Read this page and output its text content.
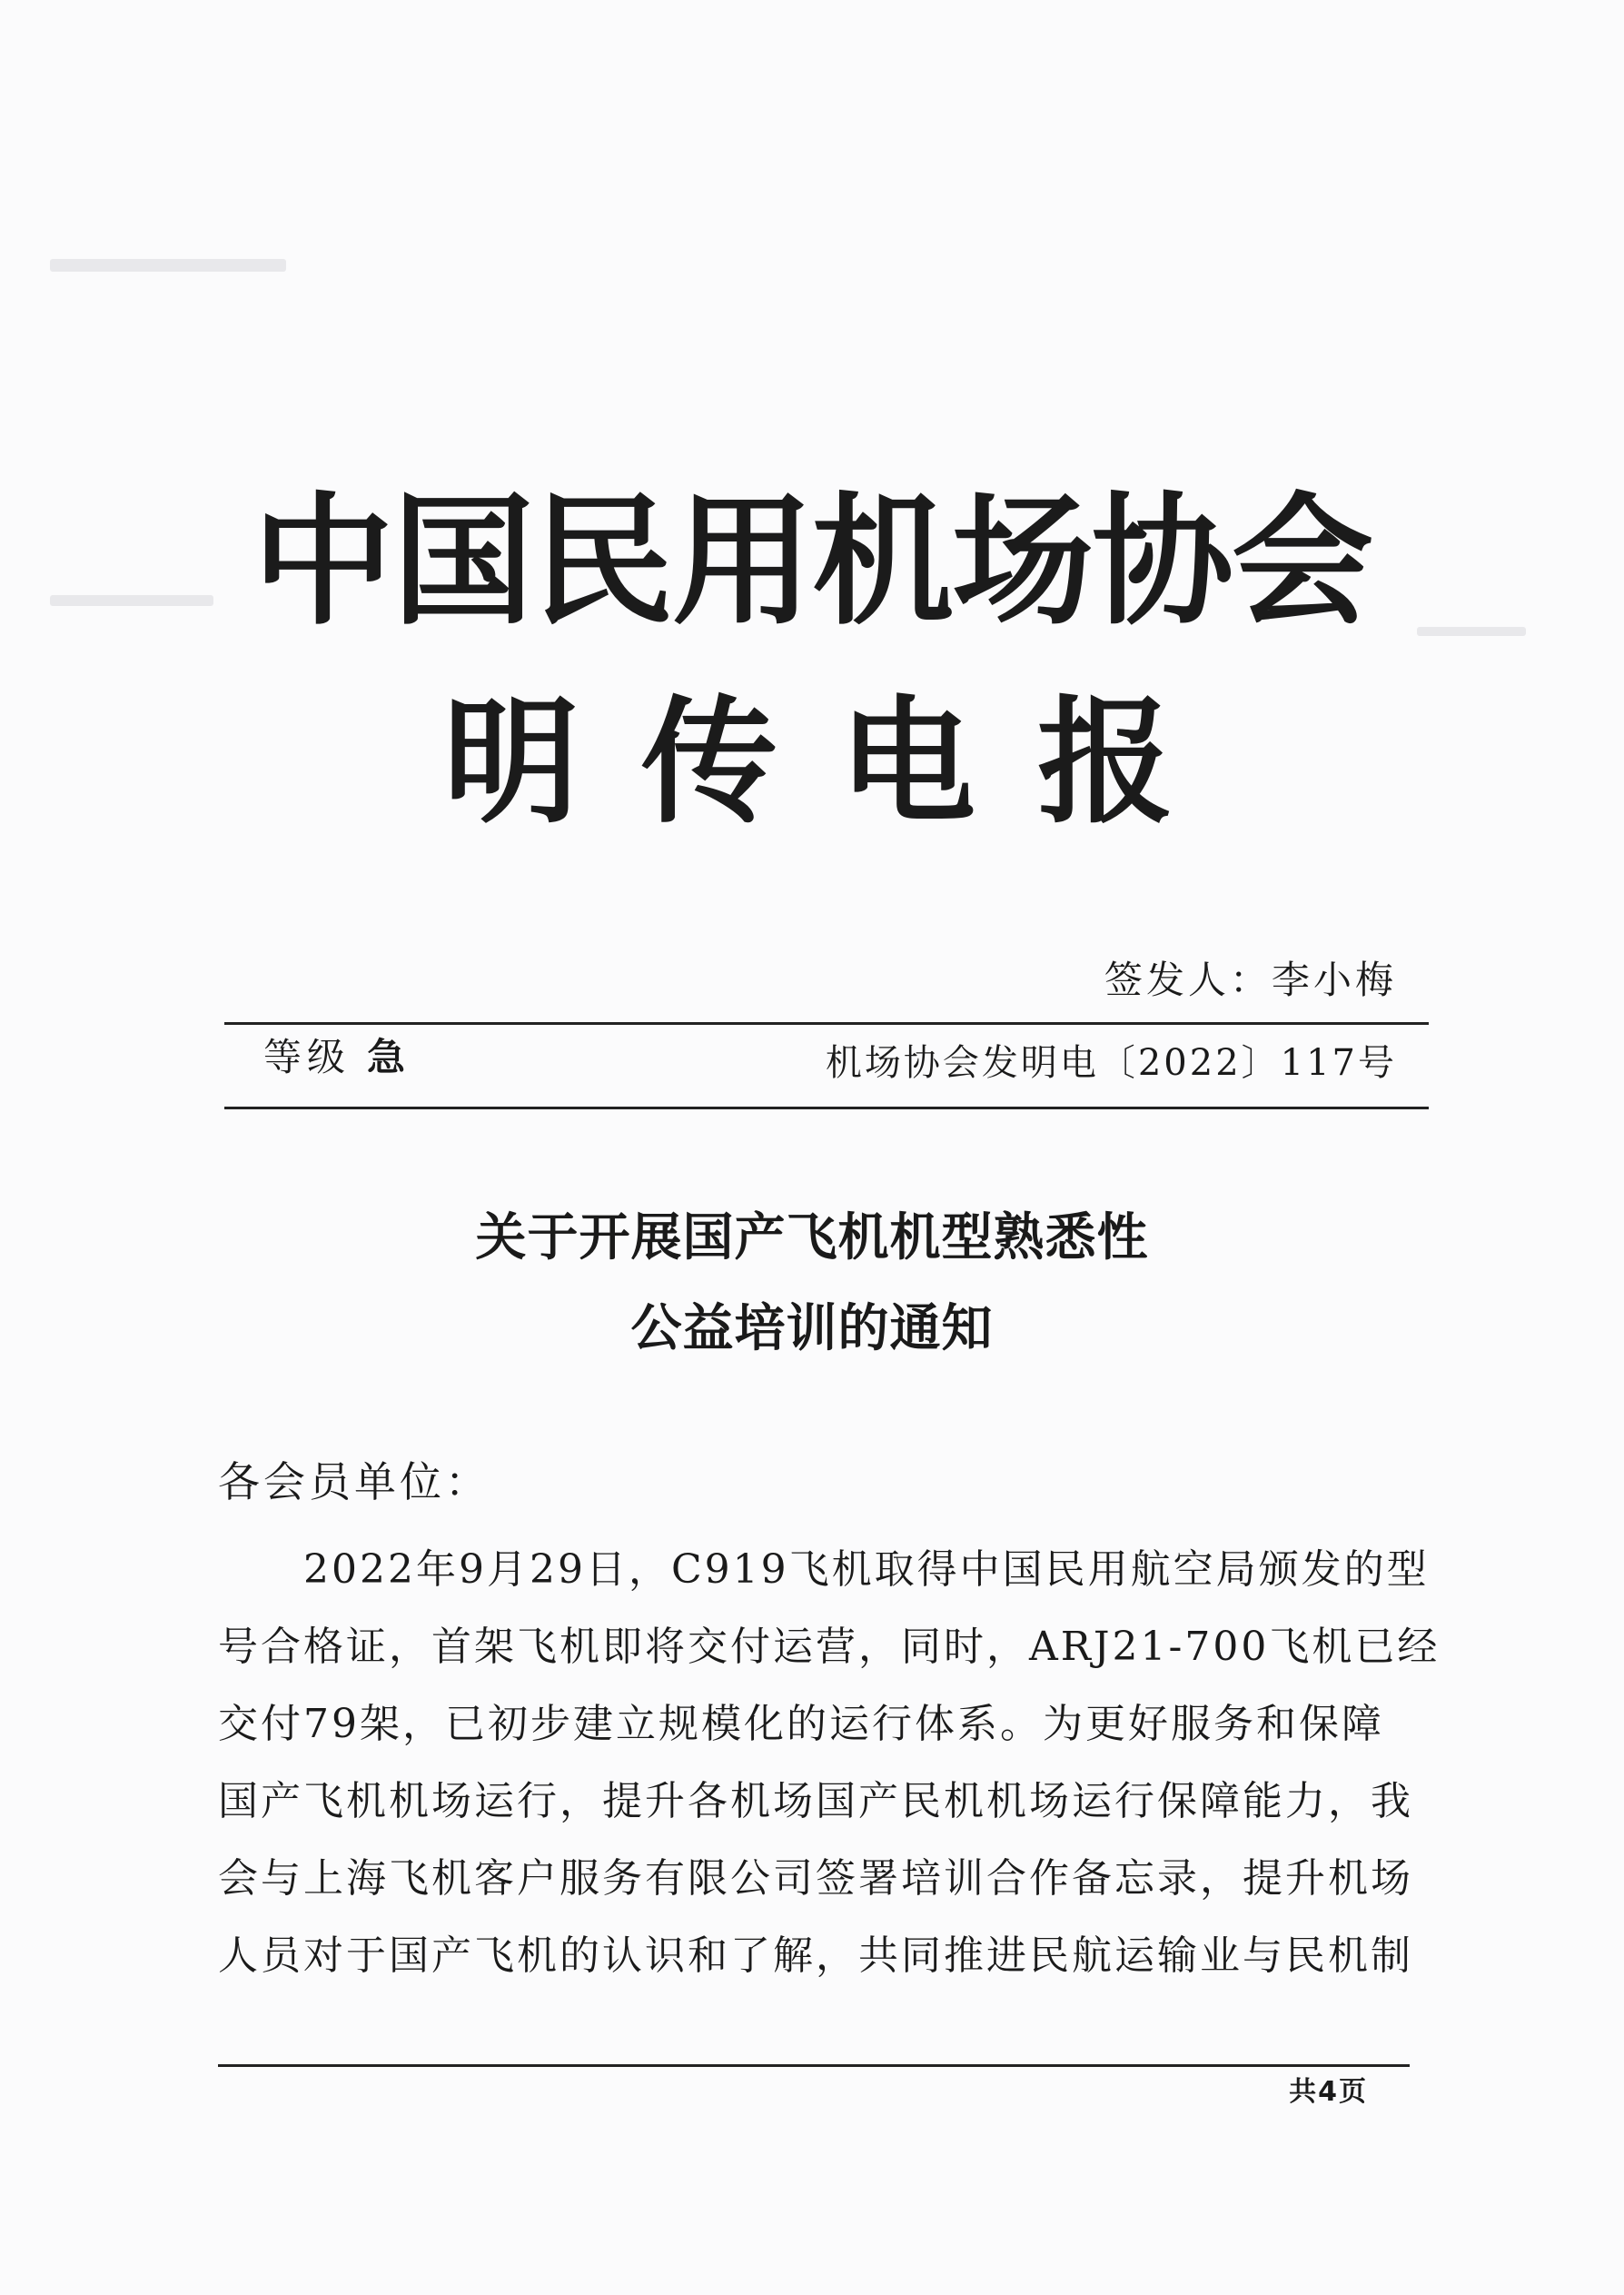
中国民用机场协会
明传电报
签发人：李小梅
等级 急	机场协会发明电〔2022〕117号
关于开展国产飞机机型熟悉性
公益培训的通知
各会员单位：
　　2022年9月29日，C919飞机取得中国民用航空局颁发的型
号合格证，首架飞机即将交付运营，同时，ARJ21-700飞机已经
交付79架，已初步建立规模化的运行体系。为更好服务和保障
国产飞机机场运行，提升各机场国产民机机场运行保障能力，我
会与上海飞机客户服务有限公司签署培训合作备忘录，提升机场
人员对于国产飞机的认识和了解，共同推进民航运输业与民机制
共4页
